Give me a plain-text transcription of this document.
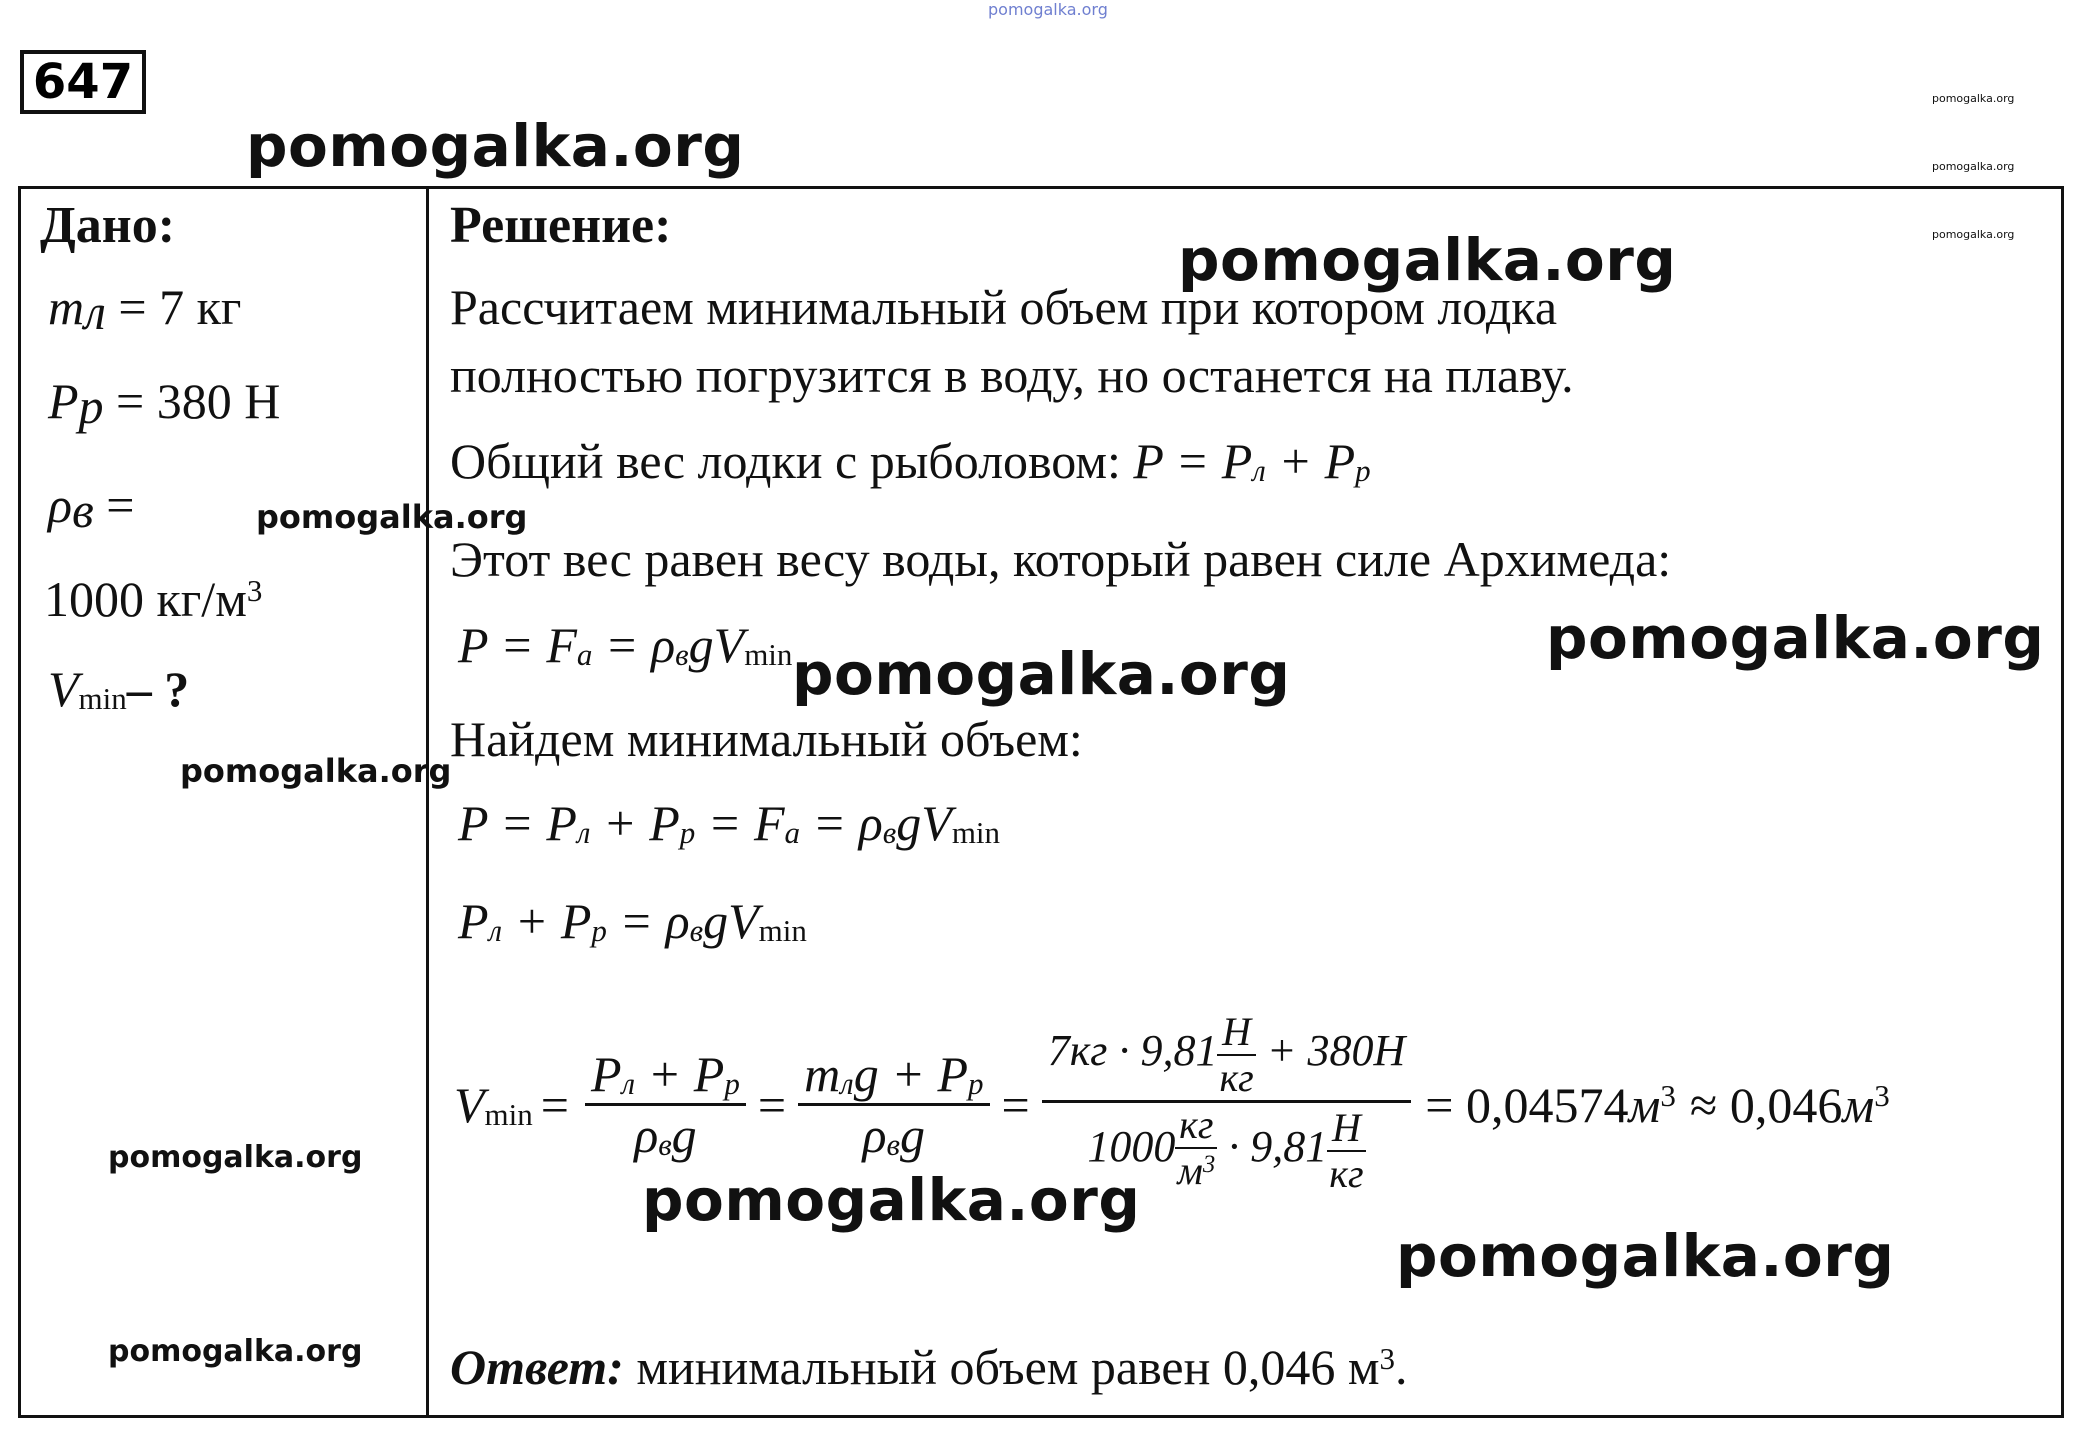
pomogalka.org
pomogalka.org
pomogalka.org
pomogalka.org
pomogalka.org
647
Дано:
$m_л = 7$ кг
$P_р = 380$ Н
$\rho_в$ =
1000 $кг/м^3$
$V_{min}-$ ?
pomogalka.org
pomogalka.org
pomogalka.org
pomogalka.org
Решение:
Рассчитаем минимальный объем при котором лодка
полностью погрузится в воду, но останется на плаву.
Общий вес лодки с рыболовом: $P = P_л + P_р$
Этот вес равен весу воды, который равен силе Архимеда:
$P = F_а = \rho_вgV_{min}$
Найдем минимальный объем:
$P = P_л + P_р = F_а = \rho_вgV_{min}$
$P_л + P_р = \rho_вgV_{min}$
$V_{min} = \frac{P_л + P_р}{\rho_вg} = \frac{m_лg + P_р}{\rho_вg} = 7кг \cdot 9,81$ Н
кг
+ 380Н
1000 кг
$м^3 \cdot 9,81$ Н
кг = 0,04574 $м^3 \approx 0,046$ $м^3$
Ответ: минимальный объем равен 0,046 $м^3$.
pomogalka.org
pomogalka.org
pomogalka.org
pomogalka.org
pomogalka.org
